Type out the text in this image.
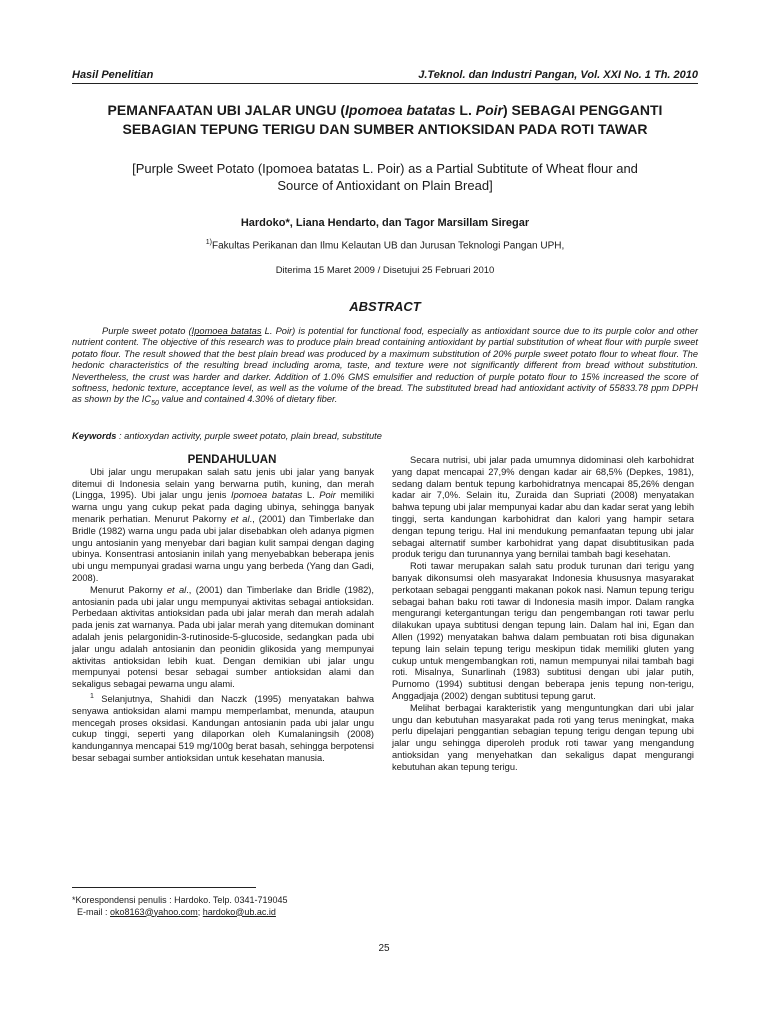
Hasil Penelitian	J.Teknol. dan Industri Pangan, Vol. XXI No. 1 Th. 2010
PEMANFAATAN UBI JALAR UNGU (Ipomoea batatas L. Poir) SEBAGAI PENGGANTI
SEBAGIAN TEPUNG TERIGU DAN SUMBER ANTIOKSIDAN PADA ROTI TAWAR
[Purple Sweet Potato (Ipomoea batatas L. Poir) as a Partial Subtitute of Wheat flour and
Source of Antioxidant on Plain Bread]
Hardoko*, Liana Hendarto, dan Tagor Marsillam Siregar
$^{1)}$Fakultas Perikanan dan Ilmu Kelautan UB dan Jurusan Teknologi Pangan UPH,
Diterima 15 Maret 2009 / Disetujui 25 Februari 2010
ABSTRACT

Purple sweet potato (Ipomoea batatas L. Poir) is potential for functional food, especially as antioxidant source due to its purple color and other nutrient content. The objective of this research was to produce plain bread containing antioxidant by partial substitution of wheat flour with purple sweet potato flour. The result showed that the best plain bread was produced by a maximum substitution of 20% purple sweet potato flour to wheat flour. The hedonic characteristics of the resulting bread including aroma, taste, and texture were not significantly different from bread without substitution. Nevertheless, the crust was harder and darker. Addition of 1.0% GMS emulsifier and reduction of purple potato flour to 15% increased the score of softness, hedonic texture, acceptance level, as well as the volume of the bread. The substituted bread had antioxidant activity of 55833.78 ppm DPPH as shown by the $IC_{50}$ value and contained 4.30% of dietary fiber.

Keywords : antioxydan activity, purple sweet potato, plain bread, substitute

PENDAHULUAN

Ubi jalar ungu merupakan salah satu jenis ubi jalar yang banyak ditemui di Indonesia selain yang berwarna putih, kuning, dan merah (Lingga, 1995). Ubi jalar ungu jenis Ipomoea batatas L. Poir memiliki warna ungu yang cukup pekat pada daging ubinya, sehingga banyak menarik perhatian. Menurut Pakorny et al., (2001) dan Timberlake dan Bridle (1982) warna ungu pada ubi jalar disebabkan oleh adanya pigmen ungu antosianin yang menyebar dari bagian kulit sampai dengan daging ubinya. Konsentrasi antosianin inilah yang menyebabkan beberapa jenis ubi ungu mempunyai gradasi warna ungu yang berbeda (Yang dan Gadi, 2008).

Menurut Pakorny et al., (2001) dan Timberlake dan Bridle (1982), antosianin pada ubi jalar ungu mempunyai aktivitas sebagai antioksidan. Perbedaan aktivitas antioksidan pada ubi jalar merah dan merah adalah pada jenis zat warnanya. Pada ubi jalar merah yang ditemukan dominant adalah jenis pelargonidin-3-rutinoside-5-glucoside, sedangkan pada ubi jalar ungu adalah antosianin dan peonidin glikosida yang mempunyai aktivitas antioksidan lebih kuat. Dengan demikian ubi jalar ungu mempunyai potensi besar sebagai sumber antioksidan alami dan sekaligus sebagai pewarna ungu alami.

$^1$ Selanjutnya, Shahidi dan Naczk (1995) menyatakan bahwa senyawa antioksidan alami mampu memperlambat, menunda, ataupun mencegah proses oksidasi. Kandungan antosianin pada ubi jalar ungu cukup tinggi, seperti yang dilaporkan oleh Kumalaningsih (2008) kandungannya mencapai 519 mg/100g berat basah, sehingga berpotensi besar sebagai sumber antioksidan untuk kesehatan manusia.

Secara nutrisi, ubi jalar pada umumnya didominasi oleh karbohidrat yang dapat mencapai 27,9% dengan kadar air 68,5% (Depkes, 1981), sedang dalam bentuk tepung karbohidratnya mencapai 85,26% dengan kadar air 7,0%. Selain itu, Zuraida dan Supriati (2008) menyatakan bahwa tepung ubi jalar mempunyai kadar abu dan kadar serat yang lebih tinggi, serta kandungan karbohidrat dan kalori yang hampir setara dengan tepung terigu. Hal ini mendukung pemanfaatan tepung ubi jalar sebagai alternatif sumber karbohidrat yang dapat disubtitusikan pada produk terigu dan turunannya yang bernilai tambah bagi kesehatan.

Roti tawar merupakan salah satu produk turunan dari terigu yang banyak dikonsumsi oleh masyarakat Indonesia khususnya masyarakat perkotaan sebagai pengganti makanan pokok nasi. Namun tepung terigu sebagai bahan baku roti tawar di Indonesia masih impor. Dalam rangka mengurangi ketergantungan terigu dan pengembangan roti tawar perlu dilakukan upaya subtitusi dengan tepung lain. Dalam hal ini, Egan dan Allen (1992) menyatakan bahwa dalam pembuatan roti bisa digunakan tepung lain selain tepung terigu meskipun tidak memiliki gluten yang cukup untuk mengembangkan roti, namun mempunyai nilai tambah bagi roti. Misalnya, Sunarlinah (1983) subtitusi dengan ubi jalar putih, Purnomo (1994) subtitusi dengan beberapa jenis tepung non-terigu, Anggadjaja (2002) dengan subtitusi tepung garut.

Melihat berbagai karakteristik yang menguntungkan dari ubi jalar ungu dan kebutuhan masyarakat pada roti yang terus meningkat, maka perlu dipelajari penggantian sebagian tepung terigu dengan tepung ubi jalar ungu sehingga diperoleh produk roti tawar yang mengandung antioksidan yang menyehatkan dan sekaligus dapat mengurangi kebutuhan akan tepung terigu.

*Korespondensi penulis : Hardoko. Telp. 0341-719045
E-mail : oko8163@yahoo.com; hardoko@ub.ac.id
25
